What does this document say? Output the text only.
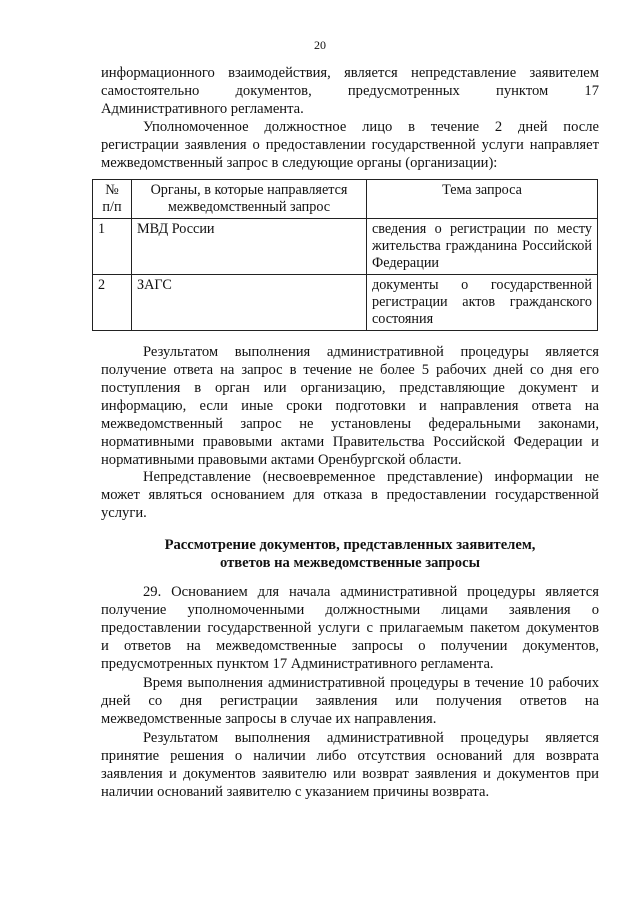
20
информационного взаимодействия, является непредставление заявителем
самостоятельно документов, предусмотренных пунктом 17
Административного регламента.
Уполномоченное должностное лицо в течение 2 дней после
регистрации заявления о предоставлении государственной услуги направляет
межведомственный запрос в следующие органы (организации):
№ п/п	Органы, в которые направляется межведомственный запрос	Тема запроса
1	МВД России	сведения о регистрации по месту жительства гражданина Российской Федерации
2	ЗАГС	документы о государственной регистрации актов гражданского состояния
Результатом выполнения административной процедуры является
получение ответа на запрос в течение не более 5 рабочих дней со дня его
поступления в орган или организацию, представляющие документ и
информацию, если иные сроки подготовки и направления ответа на
межведомственный запрос не установлены федеральными законами,
нормативными правовыми актами Правительства Российской Федерации и
нормативными правовыми актами Оренбургской области.
Непредставление (несвоевременное представление) информации не
может являться основанием для отказа в предоставлении государственной
услуги.
Рассмотрение документов, представленных заявителем,
ответов на межведомственные запросы
29. Основанием для начала административной процедуры является
получение уполномоченными должностными лицами заявления о
предоставлении государственной услуги с прилагаемым пакетом документов
и ответов на межведомственные запросы о получении документов,
предусмотренных пунктом 17 Административного регламента.
Время выполнения административной процедуры в течение 10 рабочих
дней со дня регистрации заявления или получения ответов на
межведомственные запросы в случае их направления.
Результатом выполнения административной процедуры является
принятие решения о наличии либо отсутствия оснований для возврата
заявления и документов заявителю или возврат заявления и документов при
наличии оснований заявителю с указанием причины возврата.
